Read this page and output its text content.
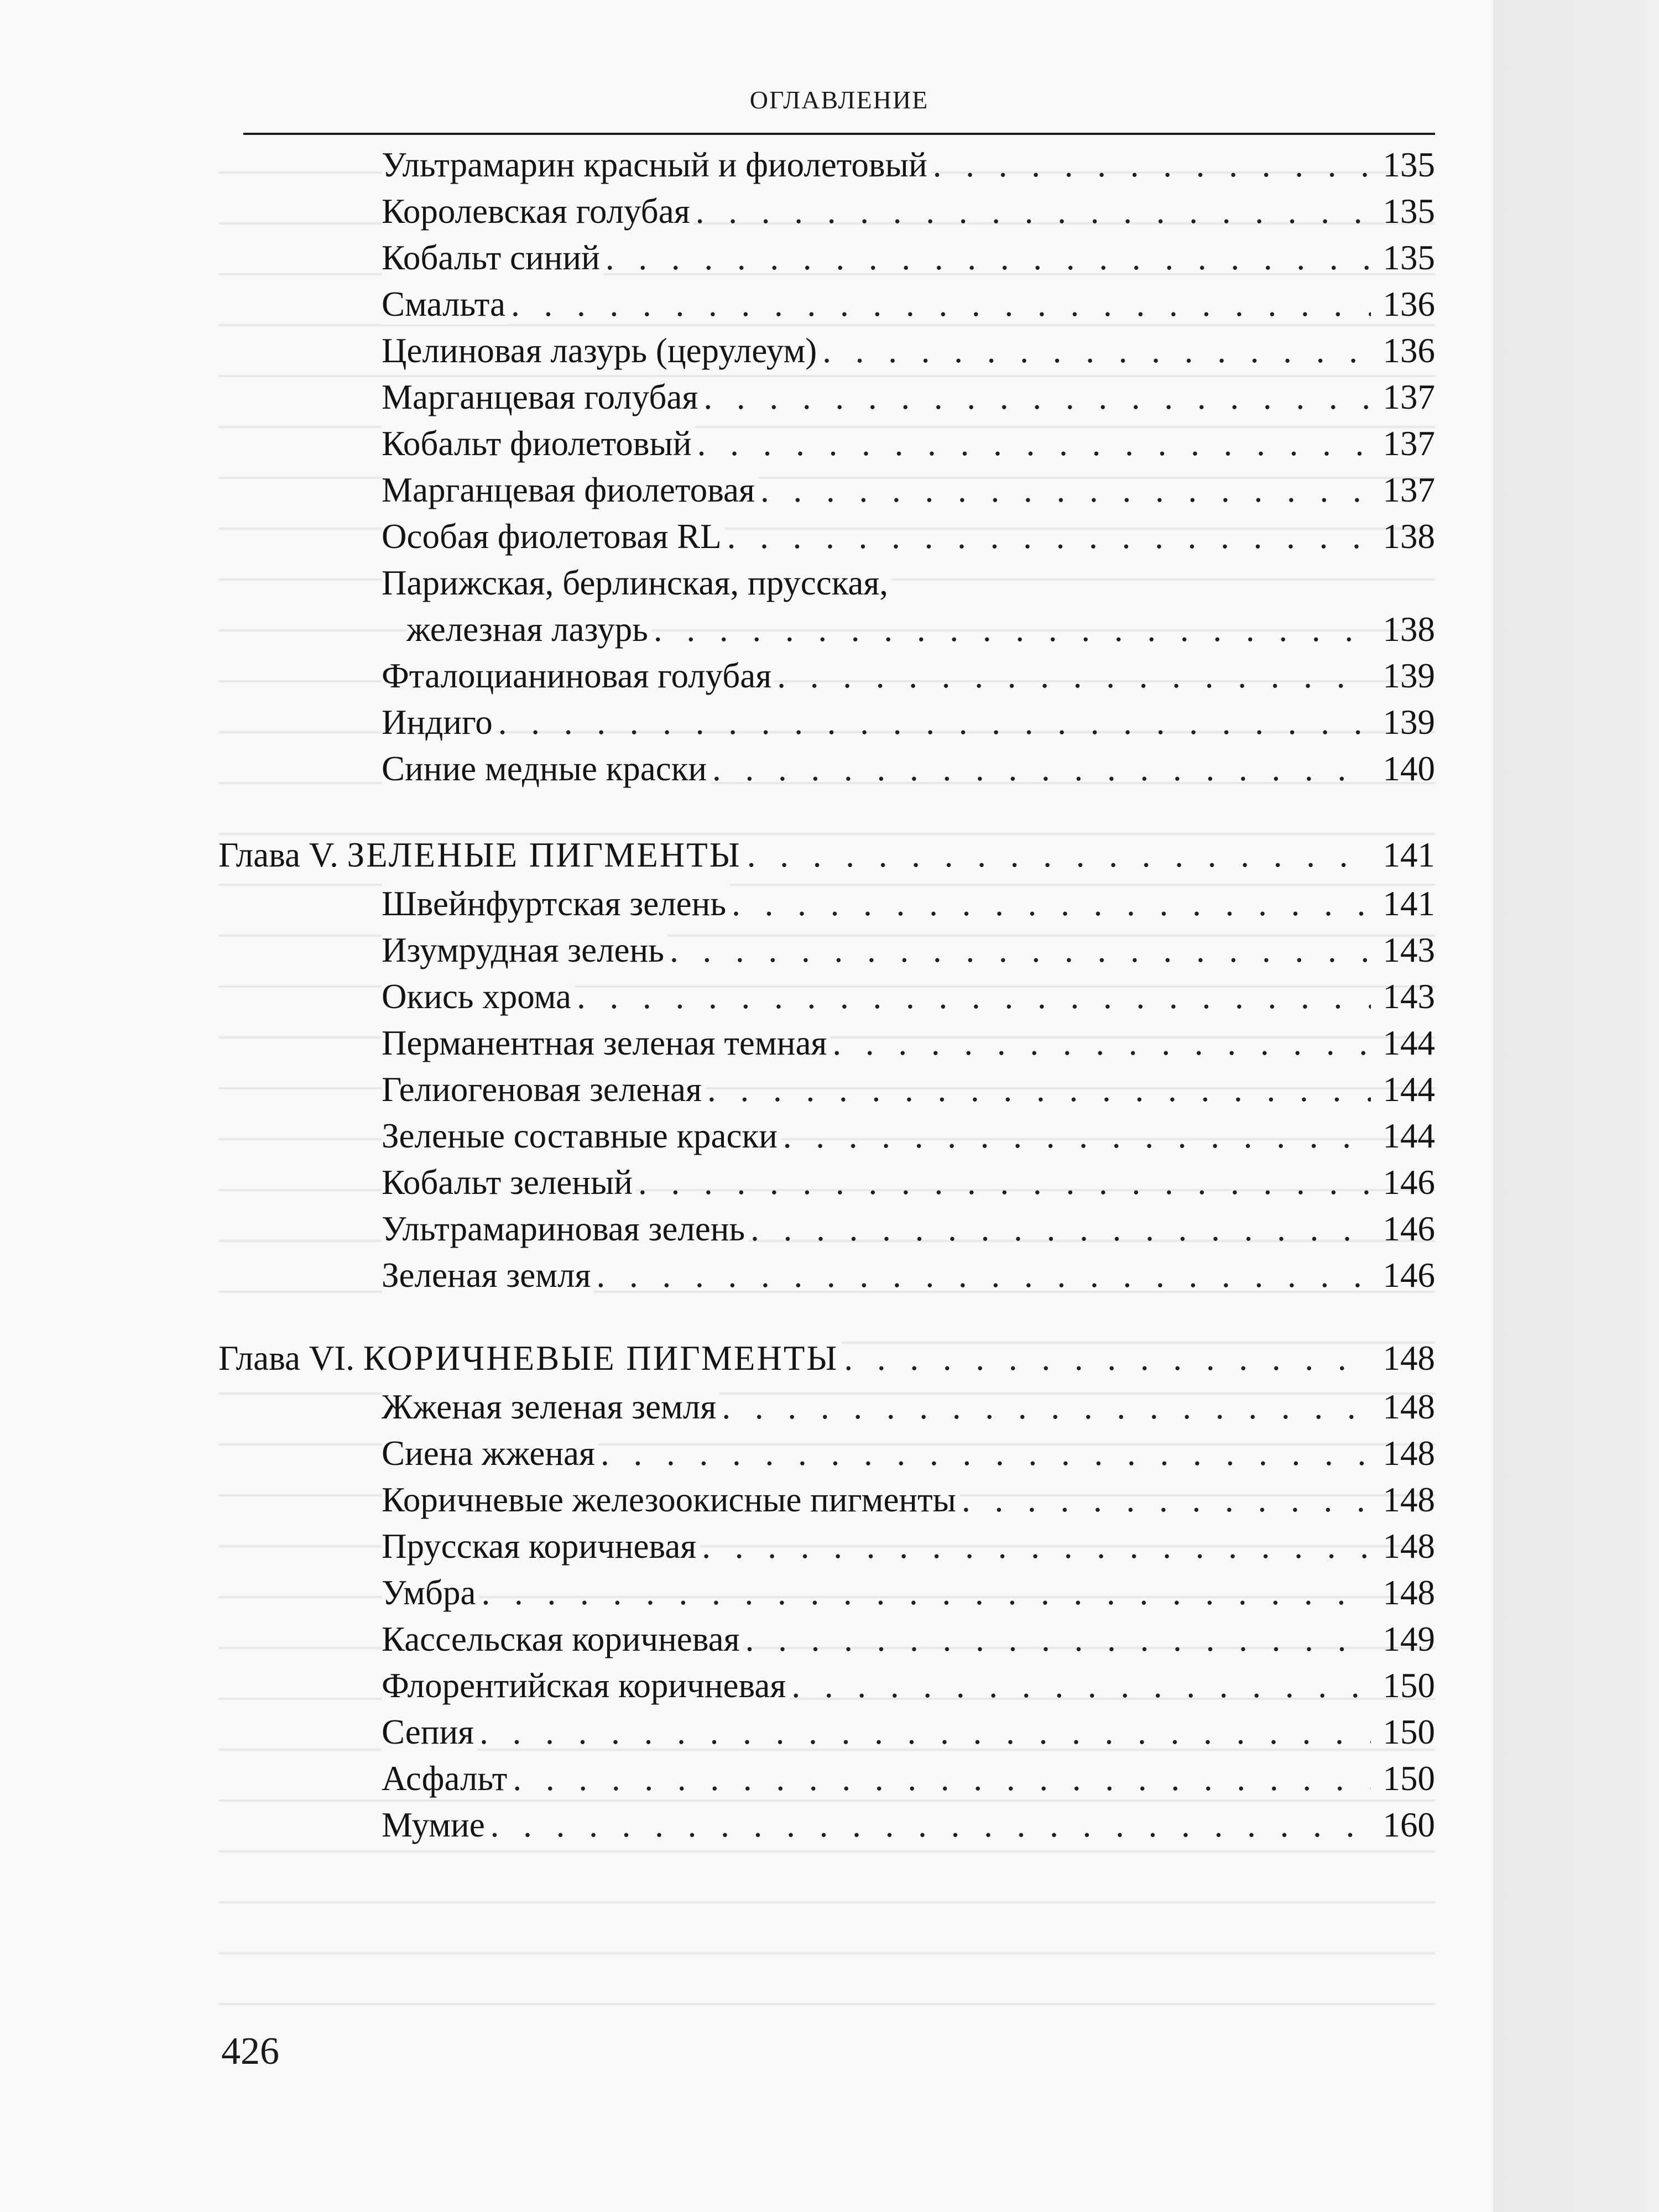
ОГЛАВЛЕНИЕ
Ультрамарин красный и фиолетовый . . .	135
Королевская голубая . . .	135
Кобальт синий . . .	135
Смальта . . .	136
Целиновая лазурь (церулеум) . . .	136
Марганцевая голубая . . .	137
Кобальт фиолетовый . . .	137
Марганцевая фиолетовая . . .	137
Особая фиолетовая RL . . .	138
Парижская, берлинская, прусская,
железная лазурь . . .	138
Фталоцианиновая голубая . . .	139
Индиго . . .	139
Синие медные краски . . .	140
Глава V. ЗЕЛЕНЫЕ ПИГМЕНТЫ . . .	141
Швейнфуртская зелень . . .	141
Изумрудная зелень . . .	143
Окись хрома . . .	143
Перманентная зеленая темная . . .	144
Гелиогеновая зеленая . . .	144
Зеленые составные краски . . .	144
Кобальт зеленый . . .	146
Ультрамариновая зелень . . .	146
Зеленая земля . . .	146
Глава VI. КОРИЧНЕВЫЕ ПИГМЕНТЫ . . .	148
Жженая зеленая земля . . .	148
Сиена жженая . . .	148
Коричневые железоокисные пигменты . . .	148
Прусская коричневая . . .	148
Умбра . . .	148
Кассельская коричневая . . .	149
Флорентийская коричневая . . .	150
Сепия . . .	150
Асфальт . . .	150
Мумие . . .	160
426
